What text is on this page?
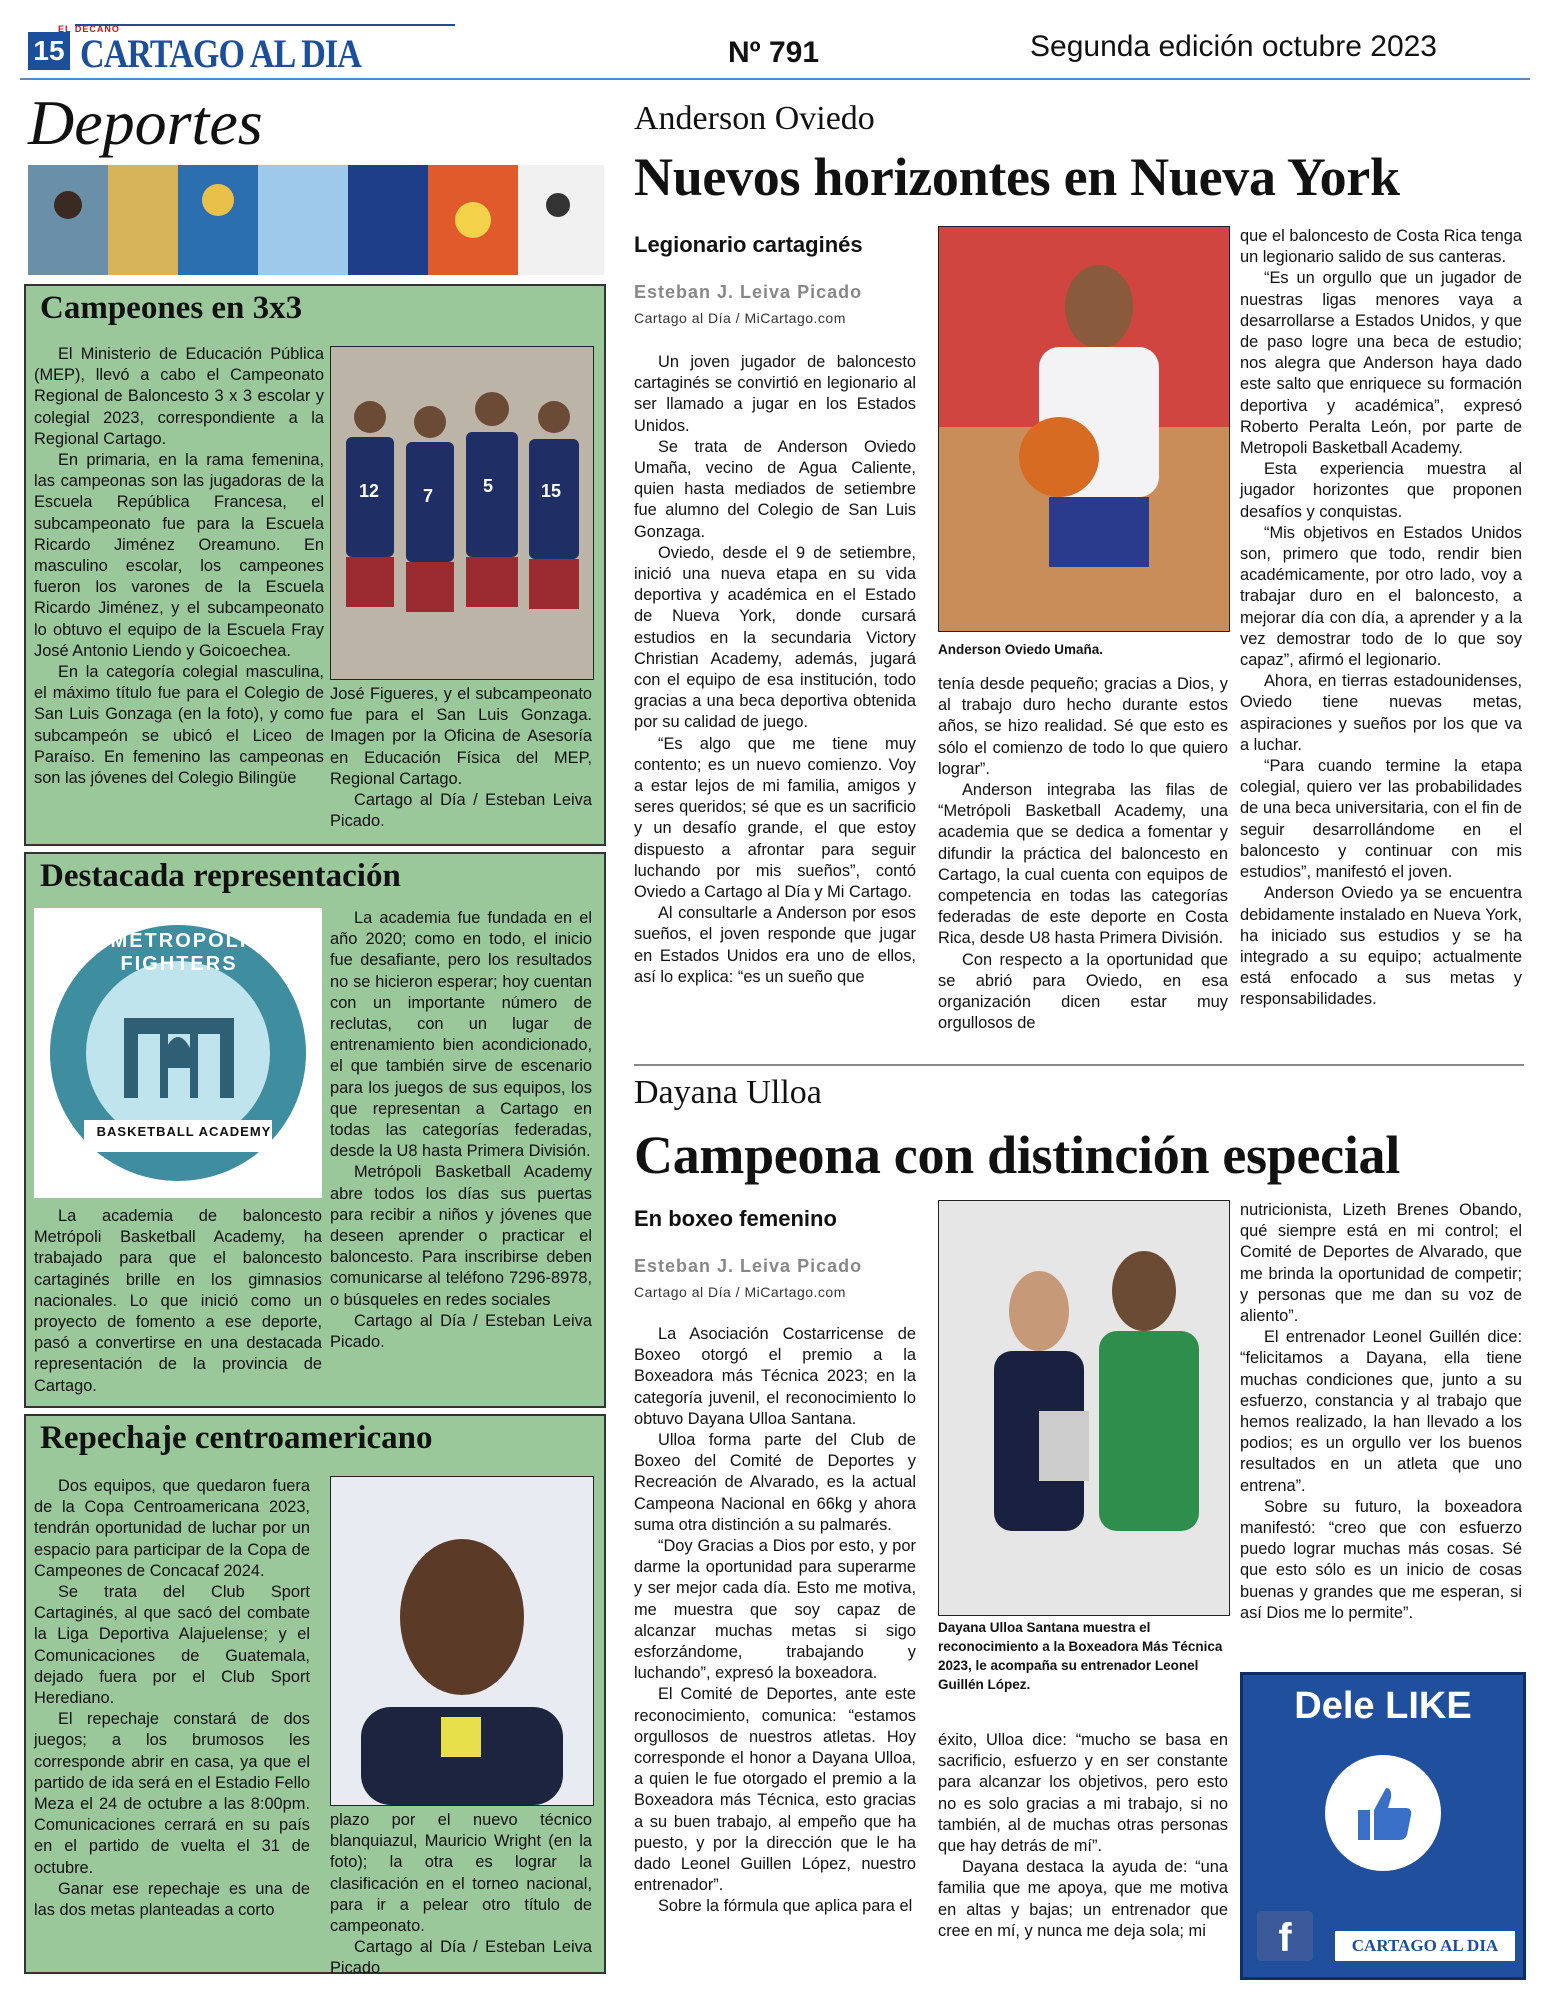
15
EL DECANO
CARTAGO AL DIA	Nº 791	Segunda edición octubre 2023
Deportes
Campeones en 3x3

El Ministerio de Educación Pública (MEP), llevó a cabo el Campeonato Regional de Baloncesto 3 x 3 escolar y colegial 2023, correspondiente a la Regional Cartago.

En primaria, en la rama femenina, las campeonas son las jugadoras de la Escuela República Francesa, el subcampeonato fue para la Escuela Ricardo Jiménez Oreamuno. En masculino escolar, los campeones fueron los varones de la Escuela Ricardo Jiménez, y el subcampeonato lo obtuvo el equipo de la Escuela Fray José Antonio Liendo y Goicoechea.

En la categoría colegial masculina, el máximo título fue para el Colegio de San Luis Gonzaga (en la foto), y como subcampeón se ubicó el Liceo de Paraíso. En femenino las campeonas son las jóvenes del Colegio Bilingüe

12 7	5	15

José Figueres, y el subcampeonato fue para el San Luis Gonzaga. Imagen por la Oficina de Asesoría en Educación Física del MEP, Regional Cartago.

Cartago al Día / Esteban Leiva Picado.

Destacada representación
METROPOLI FIGHTERS
BASKETBALL ACADEMY

La academia de baloncesto Metrópoli Basketball Academy, ha trabajado para que el baloncesto cartaginés brille en los gimnasios nacionales. Lo que inició como un proyecto de fomento a ese deporte, pasó a convertirse en una destacada representación de la provincia de Cartago.

La academia fue fundada en el año 2020; como en todo, el inicio fue desafiante, pero los resultados no se hicieron esperar; hoy cuentan con un importante número de reclutas, con un lugar de entrenamiento bien acondicionado, el que también sirve de escenario para los juegos de sus equipos, los que representan a Cartago en todas las categorías federadas, desde la U8 hasta Primera División.

Metrópoli Basketball Academy abre todos los días sus puertas para recibir a niños y jóvenes que deseen aprender o practicar el baloncesto. Para inscribirse deben comunicarse al teléfono 7296-8978, o búsqueles en redes sociales

Cartago al Día / Esteban Leiva Picado.

Repechaje centroamericano

Dos equipos, que quedaron fuera de la Copa Centroamericana 2023, tendrán oportunidad de luchar por un espacio para participar de la Copa de Campeones de Concacaf 2024.

Se trata del Club Sport Cartaginés, al que sacó del combate la Liga Deportiva Alajuelense; y el Comunicaciones de Guatemala, dejado fuera por el Club Sport Herediano.

El repechaje constará de dos juegos; a los brumosos les corresponde abrir en casa, ya que el partido de ida será en el Estadio Fello Meza el 24 de octubre a las 8:00pm. Comunicaciones cerrará en su país en el partido de vuelta el 31 de octubre.

Ganar ese repechaje es una de las dos metas planteadas a corto

plazo por el nuevo técnico blanquiazul, Mauricio Wright (en la foto); la otra es lograr la clasificación en el torneo nacional, para ir a pelear otro título de campeonato.

Cartago al Día / Esteban Leiva Picado

Anderson Oviedo
Nuevos horizontes en Nueva York
Legionario cartaginés
Esteban J. Leiva Picado
Cartago al Día / MiCartago.com

Un joven jugador de baloncesto cartaginés se convirtió en legionario al ser llamado a jugar en los Estados Unidos.

Se trata de Anderson Oviedo Umaña, vecino de Agua Caliente, quien hasta mediados de setiembre fue alumno del Colegio de San Luis Gonzaga.

Oviedo, desde el 9 de setiembre, inició una nueva etapa en su vida deportiva y académica en el Estado de Nueva York, donde cursará estudios en la secundaria Victory Christian Academy, además, jugará con el equipo de esa institución, todo gracias a una beca deportiva obtenida por su calidad de juego.

“Es algo que me tiene muy contento; es un nuevo comienzo. Voy a estar lejos de mi familia, amigos y seres queridos; sé que es un sacrificio y un desafío grande, el que estoy dispuesto a afrontar para seguir luchando por mis sueños”, contó Oviedo a Cartago al Día y Mi Cartago.

Al consultarle a Anderson por esos sueños, el joven responde que jugar en Estados Unidos era uno de ellos, así lo explica: “es un sueño que

Anderson Oviedo Umaña.

tenía desde pequeño; gracias a Dios, y al trabajo duro hecho durante estos años, se hizo realidad. Sé que esto es sólo el comienzo de todo lo que quiero lograr”.

Anderson integraba las filas de “Metrópoli Basketball Academy, una academia que se dedica a fomentar y difundir la práctica del baloncesto en Cartago, la cual cuenta con equipos de competencia en todas las categorías federadas de este deporte en Costa Rica, desde U8 hasta Primera División.

Con respecto a la oportunidad que se abrió para Oviedo, en esa organización dicen estar muy orgullosos de

que el baloncesto de Costa Rica tenga un legionario salido de sus canteras.

“Es un orgullo que un jugador de nuestras ligas menores vaya a desarrollarse a Estados Unidos, y que de paso logre una beca de estudio; nos alegra que Anderson haya dado este salto que enriquece su formación deportiva y académica”, expresó Roberto Peralta León, por parte de Metropoli Basketball Academy.

Esta experiencia muestra al jugador horizontes que proponen desafíos y conquistas.

“Mis objetivos en Estados Unidos son, primero que todo, rendir bien académicamente, por otro lado, voy a trabajar duro en el baloncesto, a mejorar día con día, a aprender y a la vez demostrar todo de lo que soy capaz”, afirmó el legionario.

Ahora, en tierras estadounidenses, Oviedo tiene nuevas metas, aspiraciones y sueños por los que va a luchar.

“Para cuando termine la etapa colegial, quiero ver las probabilidades de una beca universitaria, con el fin de seguir desarrollándome en el baloncesto y continuar con mis estudios”, manifestó el joven.

Anderson Oviedo ya se encuentra debidamente instalado en Nueva York, ha iniciado sus estudios y se ha integrado a su equipo; actualmente está enfocado a sus metas y responsabilidades.

Dayana Ulloa
Campeona con distinción especial
En boxeo femenino
Esteban J. Leiva Picado
Cartago al Día / MiCartago.com

La Asociación Costarricense de Boxeo otorgó el premio a la Boxeadora más Técnica 2023; en la categoría juvenil, el reconocimiento lo obtuvo Dayana Ulloa Santana.

Ulloa forma parte del Club de Boxeo del Comité de Deportes y Recreación de Alvarado, es la actual Campeona Nacional en 66kg y ahora suma otra distinción a su palmarés.

“Doy Gracias a Dios por esto, y por darme la oportunidad para superarme y ser mejor cada día. Esto me motiva, me muestra que soy capaz de alcanzar muchas metas si sigo esforzándome, trabajando y luchando”, expresó la boxeadora.

El Comité de Deportes, ante este reconocimiento, comunica: “estamos orgullosos de nuestros atletas. Hoy corresponde el honor a Dayana Ulloa, a quien le fue otorgado el premio a la Boxeadora más Técnica, esto gracias a su buen trabajo, al empeño que ha puesto, y por la dirección que le ha dado Leonel Guillen López, nuestro entrenador”.

Sobre la fórmula que aplica para el

Dayana Ulloa Santana muestra el reconocimiento a la Boxeadora Más Técnica 2023, le acompaña su entrenador Leonel Guillén López.

éxito, Ulloa dice: “mucho se basa en sacrificio, esfuerzo y en ser constante para alcanzar los objetivos, pero esto no es solo gracias a mi trabajo, si no también, al de muchas otras personas que hay detrás de mí”.

Dayana destaca la ayuda de: “una familia que me apoya, que me motiva en altas y bajas; un entrenador que cree en mí, y nunca me deja sola; mi

nutricionista, Lizeth Brenes Obando, qué siempre está en mi control; el Comité de Deportes de Alvarado, que me brinda la oportunidad de competir; y personas que me dan su voz de aliento”.

El entrenador Leonel Guillén dice: “felicitamos a Dayana, ella tiene muchas condiciones que, junto a su esfuerzo, constancia y al trabajo que hemos realizado, la han llevado a los podios; es un orgullo ver los buenos resultados en un atleta que uno entrena”.

Sobre su futuro, la boxeadora manifestó: “creo que con esfuerzo puedo lograr muchas más cosas. Sé que esto sólo es un inicio de cosas buenas y grandes que me esperan, si así Dios me lo permite”.

Dele LIKE
f	CARTAGO AL DIA
